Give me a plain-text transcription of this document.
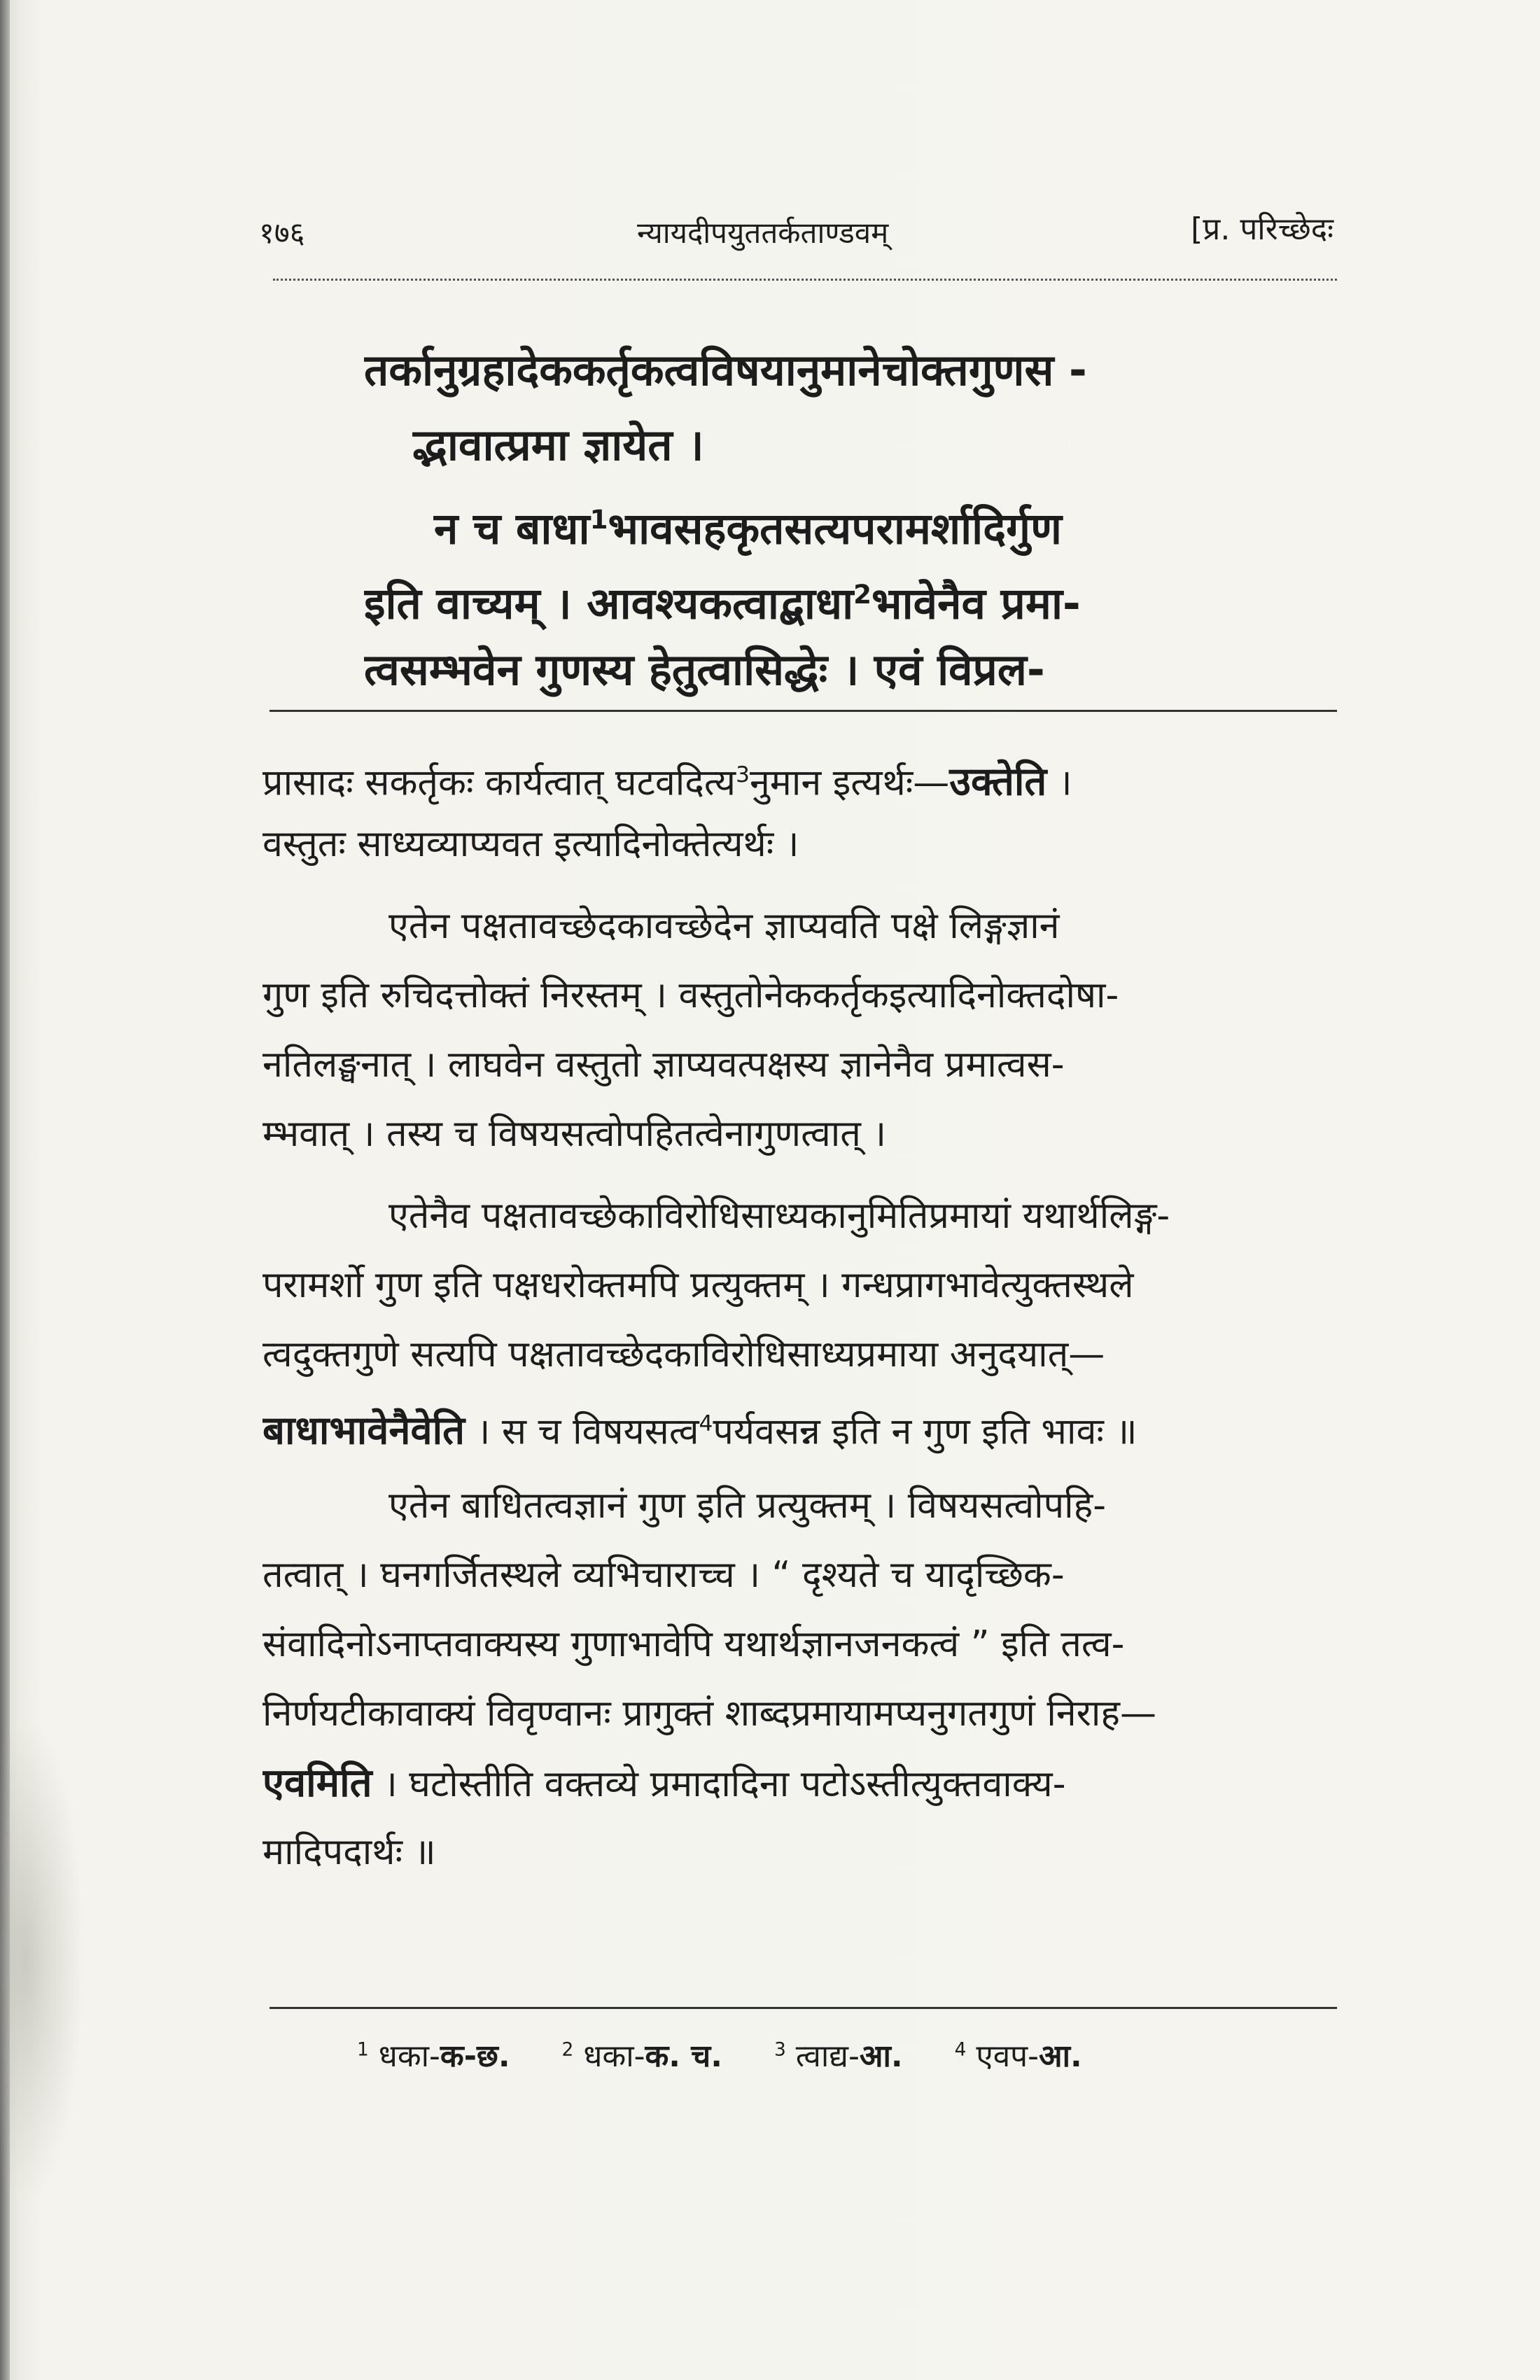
१७६	न्यायदीपयुततर्कताण्डवम्	[प्र. परिच्छेदः
तर्कानुग्रहादेककर्तृकत्वविषयानुमानेचोक्तगुणस -
द्भावात्प्रमा ज्ञायेत ।
न च बाधा$^1$भावसहकृतसत्यपरामर्शादिर्गुण
इति वाच्यम् । आवश्यकत्वाद्बाधा$^2$भावेनैव प्रमा-
त्वसम्भवेन गुणस्य हेतुत्वासिद्धेः । एवं विप्रल-
प्रासादः सकर्तृकः कार्यत्वात् घटवदित्य$^3$नुमान इत्यर्थः—उक्तेति ।
वस्तुतः साध्यव्याप्यवत इत्यादिनोक्तेत्यर्थः ।
एतेन पक्षतावच्छेदकावच्छेदेन ज्ञाप्यवति पक्षे लिङ्गज्ञानं
गुण इति रुचिदत्तोक्तं निरस्तम् । वस्तुतोनेककर्तृकइत्यादिनोक्तदोषा-
नतिलङ्घनात् । लाघवेन वस्तुतो ज्ञाप्यवत्पक्षस्य ज्ञानेनैव प्रमात्वस-
म्भवात् । तस्य च विषयसत्वोपहितत्वेनागुणत्वात् ।
एतेनैव पक्षतावच्छेकाविरोधिसाध्यकानुमितिप्रमायां यथार्थलिङ्ग-
परामर्शो गुण इति पक्षधरोक्तमपि प्रत्युक्तम् । गन्धप्रागभावेत्युक्तस्थले
त्वदुक्तगुणे सत्यपि पक्षतावच्छेदकाविरोधिसाध्यप्रमाया अनुदयात्—
बाधाभावेनैवेति । स च विषयसत्व$^4$पर्यवसन्न इति न गुण इति भावः ॥
एतेन बाधितत्वज्ञानं गुण इति प्रत्युक्तम् । विषयसत्वोपहि-
तत्वात् । घनगर्जितस्थले व्यभिचाराच्च । “ दृश्यते च यादृच्छिक-
संवादिनोऽनाप्तवाक्यस्य गुणाभावेपि यथार्थज्ञानजनकत्वं ” इति तत्व-
निर्णयटीकावाक्यं विवृण्वानः प्रागुक्तं शाब्दप्रमायामप्यनुगतगुणं निराह—
एवमिति । घटोस्तीति वक्तव्ये प्रमादादिना पटोऽस्तीत्युक्तवाक्य-
मादिपदार्थः ॥
$^1$ धका-क-छ.	$^2$ धका-क. च.	$^3$ त्वाद्य-आ.	$^4$ एवप-आ.
